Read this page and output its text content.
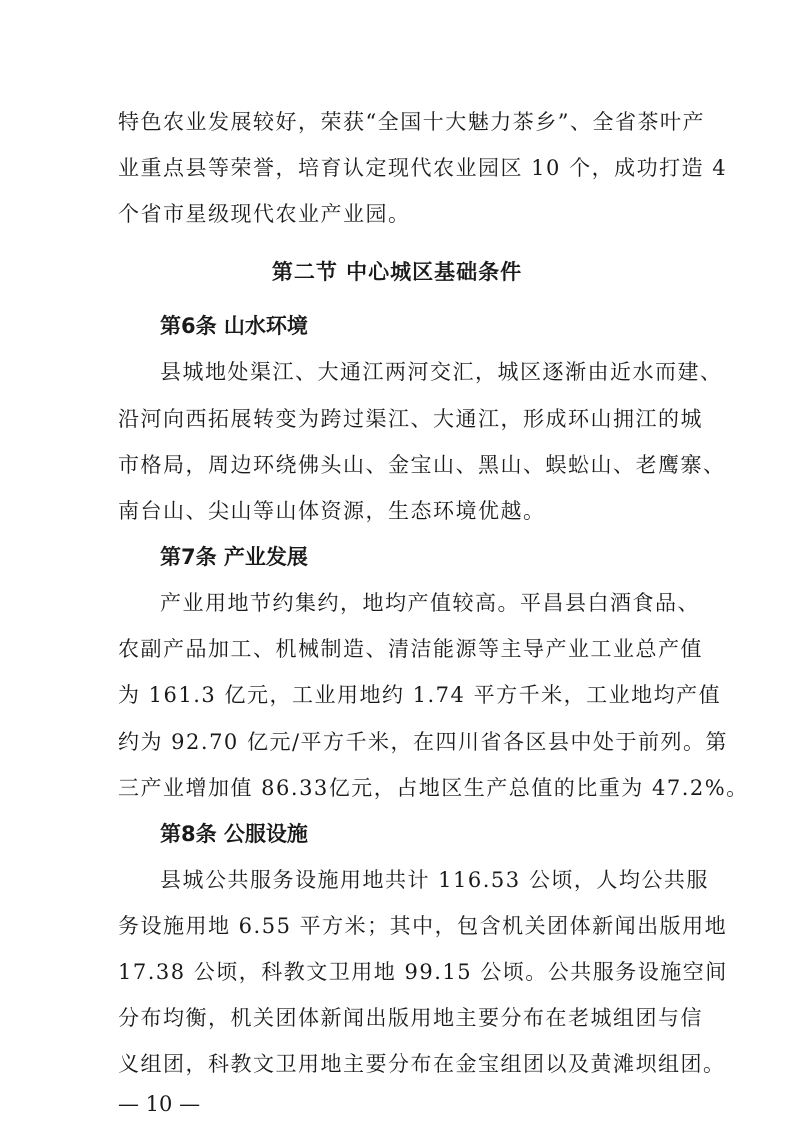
特色农业发展较好，荣获“全国十大魅力茶乡”、全省茶叶产
业重点县等荣誉，培育认定现代农业园区 10 个，成功打造 4
个省市星级现代农业产业园。
第二节 中心城区基础条件
第6条 山水环境
县城地处渠江、大通江两河交汇，城区逐渐由近水而建、
沿河向西拓展转变为跨过渠江、大通江，形成环山拥江的城
市格局，周边环绕佛头山、金宝山、黑山、蜈蚣山、老鹰寨、
南台山、尖山等山体资源，生态环境优越。
第7条 产业发展
产业用地节约集约，地均产值较高。平昌县白酒食品、
农副产品加工、机械制造、清洁能源等主导产业工业总产值
为 161.3 亿元，工业用地约 1.74 平方千米，工业地均产值
约为 92.70 亿元/平方千米，在四川省各区县中处于前列。第
三产业增加值 86.33亿元，占地区生产总值的比重为 47.2%。
第8条 公服设施
县城公共服务设施用地共计 116.53 公顷，人均公共服
务设施用地 6.55 平方米；其中，包含机关团体新闻出版用地
17.38 公顷，科教文卫用地 99.15 公顷。公共服务设施空间
分布均衡，机关团体新闻出版用地主要分布在老城组团与信
义组团，科教文卫用地主要分布在金宝组团以及黄滩坝组团。
— 10 —
